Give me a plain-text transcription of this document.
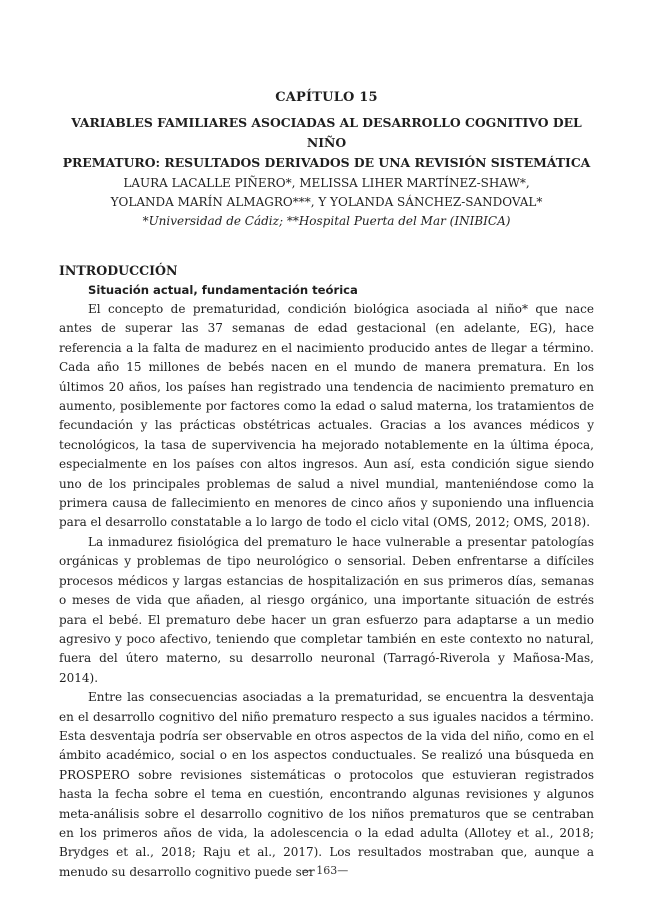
CAPÍTULO 15
VARIABLES FAMILIARES ASOCIADAS AL DESARROLLO COGNITIVO DEL NIÑO
PREMATURO: RESULTADOS DERIVADOS DE UNA REVISIÓN SISTEMÁTICA
LAURA LACALLE PIÑERO*, MELISSA LIHER MARTÍNEZ-SHAW*,
YOLANDA MARÍN ALMAGRO***, Y YOLANDA SÁNCHEZ-SANDOVAL*
*Universidad de Cádiz; **Hospital Puerta del Mar (INIBICA)
INTRODUCCIÓN
Situación actual, fundamentación teórica

El concepto de prematuridad, condición biológica asociada al niño* que nace antes de superar las 37 semanas de edad gestacional (en adelante, EG), hace referencia a la falta de madurez en el nacimiento producido antes de llegar a término. Cada año 15 millones de bebés nacen en el mundo de manera prematura. En los últimos 20 años, los países han registrado una tendencia de nacimiento prematuro en aumento, posiblemente por factores como la edad o salud materna, los tratamientos de fecundación y las prácticas obstétricas actuales. Gracias a los avances médicos y tecnológicos, la tasa de supervivencia ha mejorado notablemente en la última época, especialmente en los países con altos ingresos. Aun así, esta condición sigue siendo uno de los principales problemas de salud a nivel mundial, manteniéndose como la primera causa de fallecimiento en menores de cinco años y suponiendo una influencia para el desarrollo constatable a lo largo de todo el ciclo vital (OMS, 2012; OMS, 2018).

La inmadurez fisiológica del prematuro le hace vulnerable a presentar patologías orgánicas y problemas de tipo neurológico o sensorial. Deben enfrentarse a difíciles procesos médicos y largas estancias de hospitalización en sus primeros días, semanas o meses de vida que añaden, al riesgo orgánico, una importante situación de estrés para el bebé. El prematuro debe hacer un gran esfuerzo para adaptarse a un medio agresivo y poco afectivo, teniendo que completar también en este contexto no natural, fuera del útero materno, su desarrollo neuronal (Tarragó-Riverola y Mañosa-Mas, 2014).

Entre las consecuencias asociadas a la prematuridad, se encuentra la desventaja en el desarrollo cognitivo del niño prematuro respecto a sus iguales nacidos a término. Esta desventaja podría ser observable en otros aspectos de la vida del niño, como en el ámbito académico, social o en los aspectos conductuales. Se realizó una búsqueda en PROSPERO sobre revisiones sistemáticas o protocolos que estuvieran registrados hasta la fecha sobre el tema en cuestión, encontrando algunas revisiones y algunos meta-análisis sobre el desarrollo cognitivo de los niños prematuros que se centraban en los primeros años de vida, la adolescencia o la edad adulta (Allotey et al., 2018; Brydges et al., 2018; Raju et al., 2017). Los resultados mostraban que, aunque a menudo su desarrollo cognitivo puede ser

— 163—
